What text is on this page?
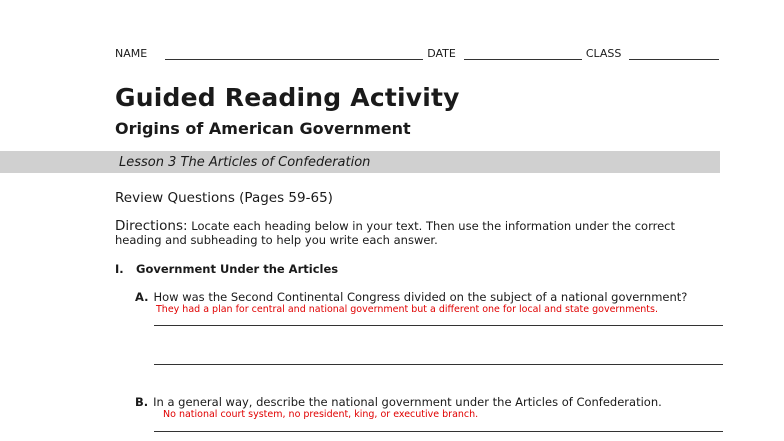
NAME	DATE	CLASS
Guided Reading Activity
Origins of American Government
Lesson 3 The Articles of Confederation
Review Questions (Pages 59-65)
Directions: Locate each heading below in your text. Then use the information under the correct heading and subheading to help you write each answer.
I. Government Under the Articles
A. How was the Second Continental Congress divided on the subject of a national government?
They had a plan for central and national government but a different one for local and state governments.
B. In a general way, describe the national government under the Articles of Confederation.
No national court system, no president, king, or executive branch.
